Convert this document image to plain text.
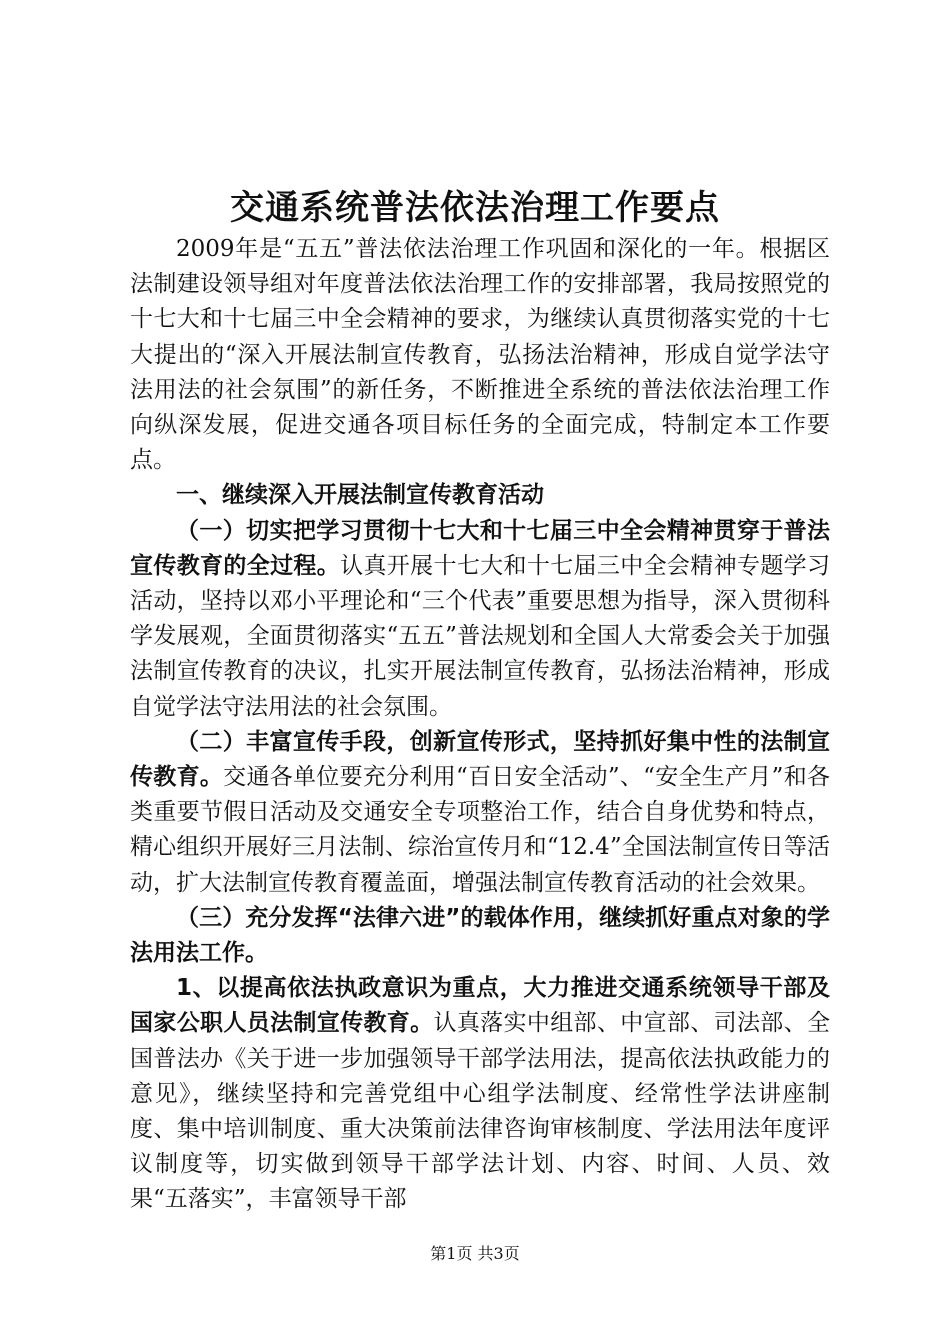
交通系统普法依法治理工作要点

2009年是“五五”普法依法治理工作巩固和深化的一年。根据区法制建设领导组对年度普法依法治理工作的安排部署，我局按照党的十七大和十七届三中全会精神的要求，为继续认真贯彻落实党的十七大提出的“深入开展法制宣传教育，弘扬法治精神，形成自觉学法守法用法的社会氛围”的新任务，不断推进全系统的普法依法治理工作向纵深发展，促进交通各项目标任务的全面完成，特制定本工作要点。

一、继续深入开展法制宣传教育活动

（一）切实把学习贯彻十七大和十七届三中全会精神贯穿于普法宣传教育的全过程。认真开展十七大和十七届三中全会精神专题学习活动，坚持以邓小平理论和“三个代表”重要思想为指导，深入贯彻科学发展观，全面贯彻落实“五五”普法规划和全国人大常委会关于加强法制宣传教育的决议，扎实开展法制宣传教育，弘扬法治精神，形成自觉学法守法用法的社会氛围。

（二）丰富宣传手段，创新宣传形式，坚持抓好集中性的法制宣传教育。交通各单位要充分利用“百日安全活动”、“安全生产月”和各类重要节假日活动及交通安全专项整治工作，结合自身优势和特点，精心组织开展好三月法制、综治宣传月和“12.4”全国法制宣传日等活动，扩大法制宣传教育覆盖面，增强法制宣传教育活动的社会效果。

（三）充分发挥“法律六进”的载体作用，继续抓好重点对象的学法用法工作。

1、以提高依法执政意识为重点，大力推进交通系统领导干部及国家公职人员法制宣传教育。认真落实中组部、中宣部、司法部、全国普法办《关于进一步加强领导干部学法用法，提高依法执政能力的意见》，继续坚持和完善党组中心组学法制度、经常性学法讲座制度、集中培训制度、重大决策前法律咨询审核制度、学法用法年度评议制度等，切实做到领导干部学法计划、内容、时间、人员、效果“五落实”，丰富领导干部

第1页 共3页
